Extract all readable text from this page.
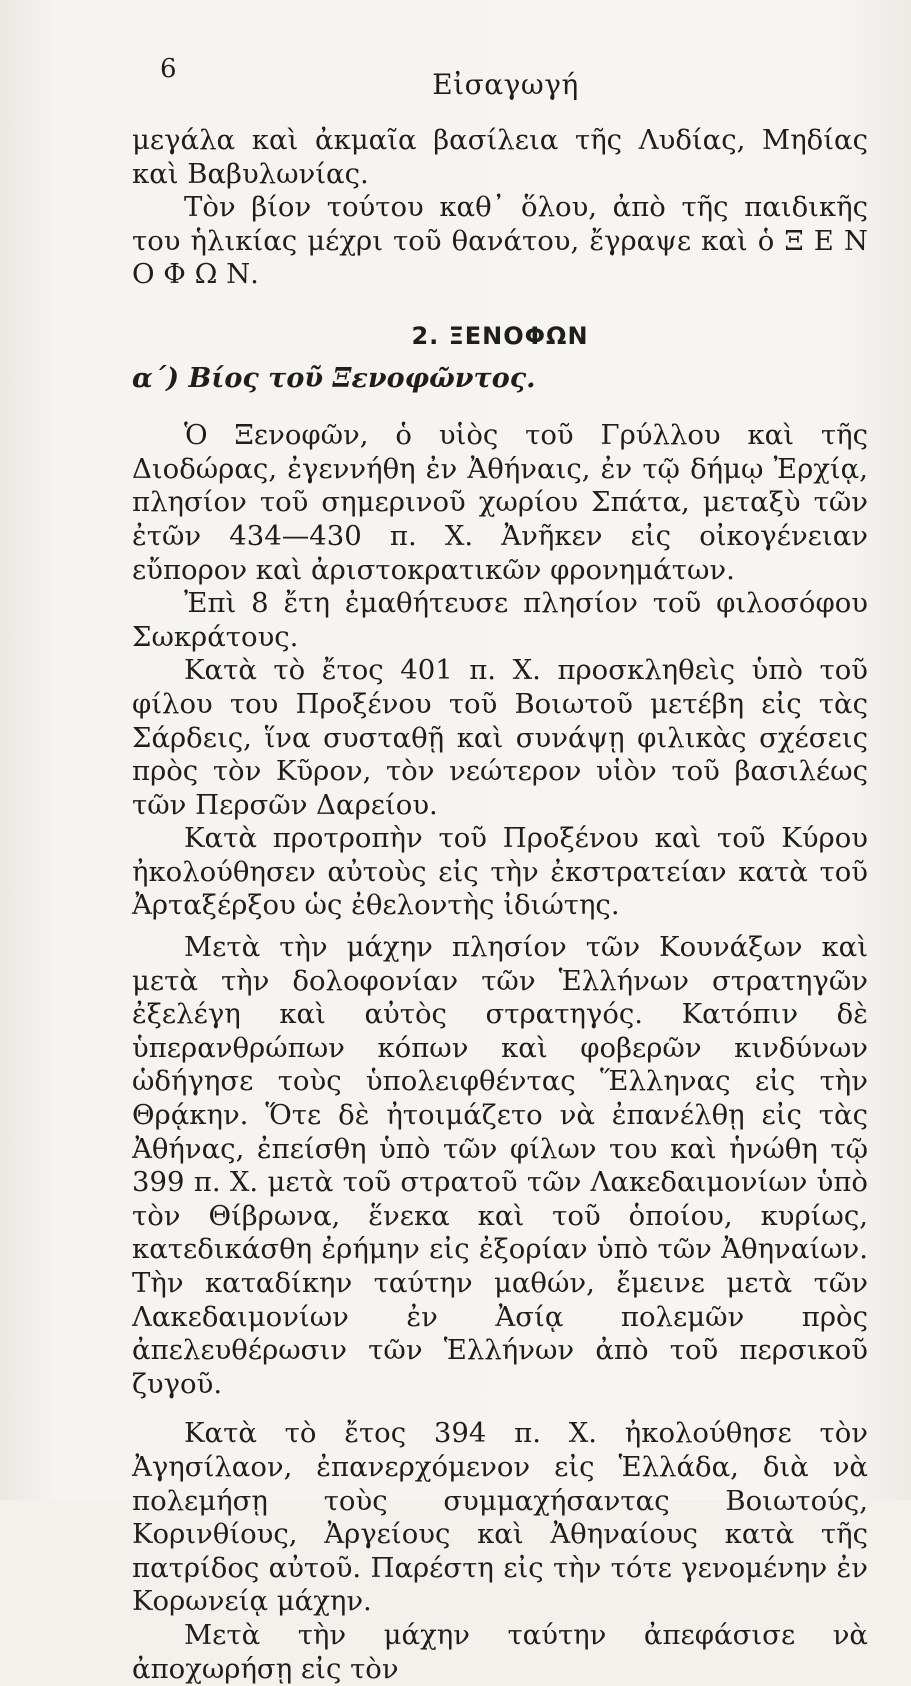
6	Εἰσαγωγή

μεγάλα καὶ ἀκμαῖα βασίλεια τῆς Λυδίας, Μηδίας καὶ Βαβυλωνίας.

Τὸν βίον τούτου καθ᾿ ὅλου, ἀπὸ τῆς παιδικῆς του ἡλικίας μέχρι τοῦ θανάτου, ἔγραψε καὶ ὁ Ξ Ε Ν Ο Φ Ω Ν.

2. ΞΕΝΟΦΩΝ
α΄) Βίος τοῦ Ξενοφῶντος.

Ὁ Ξενοφῶν, ὁ υἱὸς τοῦ Γρύλλου καὶ τῆς Διοδώρας, ἐγεννήθη ἐν Ἀθήναις, ἐν τῷ δήμῳ Ἐρχίᾳ, πλησίον τοῦ σημερινοῦ χωρίου Σπάτα, μεταξὺ τῶν ἐτῶν 434—430 π. Χ. Ἀνῆκεν εἰς οἰκογένειαν εὔπορον καὶ ἀριστοκρατικῶν φρονημάτων.

Ἐπὶ 8 ἔτη ἐμαθήτευσε πλησίον τοῦ φιλοσόφου Σωκράτους.

Κατὰ τὸ ἔτος 401 π. Χ. προσκληθεὶς ὑπὸ τοῦ φίλου του Προξένου τοῦ Βοιωτοῦ μετέβη εἰς τὰς Σάρδεις, ἵνα συσταθῇ καὶ συνάψῃ φιλικὰς σχέσεις πρὸς τὸν Κῦρον, τὸν νεώτερον υἱὸν τοῦ βασιλέως τῶν Περσῶν Δαρείου.

Κατὰ προτροπὴν τοῦ Προξένου καὶ τοῦ Κύρου ἠκολούθησεν αὐτοὺς εἰς τὴν ἐκστρατείαν κατὰ τοῦ Ἀρταξέρξου ὡς ἐθελοντὴς ἰδιώτης.

Μετὰ τὴν μάχην πλησίον τῶν Κουνάξων καὶ μετὰ τὴν δολοφονίαν τῶν Ἑλλήνων στρατηγῶν ἐξελέγη καὶ αὐτὸς στρατηγός. Κατόπιν δὲ ὑπερανθρώπων κόπων καὶ φοβερῶν κινδύνων ὡδήγησε τοὺς ὑπολειφθέντας Ἕλληνας εἰς τὴν Θρᾴκην. Ὅτε δὲ ἠτοιμάζετο νὰ ἐπανέλθῃ εἰς τὰς Ἀθήνας, ἐπείσθη ὑπὸ τῶν φίλων του καὶ ἡνώθη τῷ 399 π. Χ. μετὰ τοῦ στρατοῦ τῶν Λακεδαιμονίων ὑπὸ τὸν Θίβρωνα, ἕνεκα καὶ τοῦ ὁποίου, κυρίως, κατεδικάσθη ἐρήμην εἰς ἐξορίαν ὑπὸ τῶν Ἀθηναίων. Τὴν καταδίκην ταύτην μαθών, ἔμεινε μετὰ τῶν Λακεδαιμονίων ἐν Ἀσίᾳ πολεμῶν πρὸς ἀπελευθέρωσιν τῶν Ἑλλήνων ἀπὸ τοῦ περσικοῦ ζυγοῦ.

Κατὰ τὸ ἔτος 394 π. Χ. ἠκολούθησε τὸν Ἀγησίλαον, ἐπανερχόμενον εἰς Ἑλλάδα, διὰ νὰ πολεμήσῃ τοὺς συμμαχήσαντας Βοιωτούς, Κορινθίους, Ἀργείους καὶ Ἀθηναίους κατὰ τῆς πατρίδος αὐτοῦ. Παρέστη εἰς τὴν τότε γενομένην ἐν Κορωνείᾳ μάχην.

Μετὰ τὴν μάχην ταύτην ἀπεφάσισε νὰ ἀποχωρήσῃ εἰς τὸν
